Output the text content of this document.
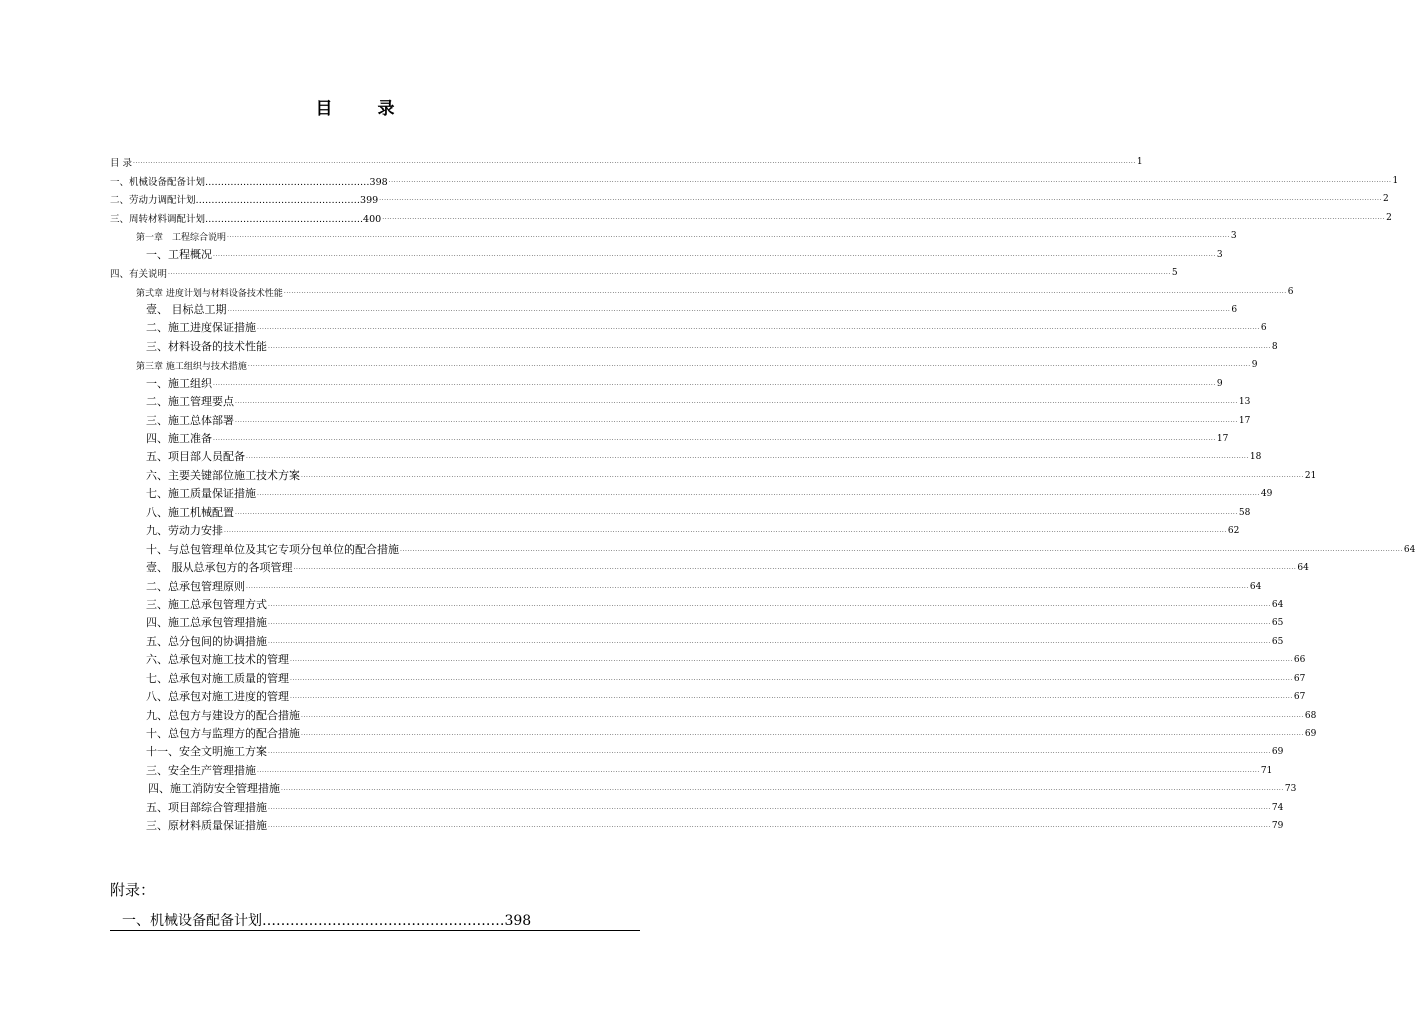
目　录
目 录 ................................................................................................................................................................................................................................................................................................................................................................................................................ 1
一、机械设备配备计划………………………………….…………398 ................................................................................................................................................................................................................................................................................................................................................................................................................ 1
二、劳动力调配计划……………………………….……………399 ................................................................................................................................................................................................................................................................................................................................................................................................................ 2
三、周转材料调配计划……………………………….………….400 ................................................................................................................................................................................................................................................................................................................................................................................................................ 2
第一章　工程综合说明 ................................................................................................................................................................................................................................................................................................................................................................................................................ 3
一、工程概况 ................................................................................................................................................................................................................................................................................................................................................................................................................ 3
四、有关说明 ................................................................................................................................................................................................................................................................................................................................................................................................................ 5
第弍章 进度计划与材料设备技术性能 ................................................................................................................................................................................................................................................................................................................................................................................................................ 6
壹、 目标总工期 ................................................................................................................................................................................................................................................................................................................................................................................................................ 6
二、施工进度保证措施 ................................................................................................................................................................................................................................................................................................................................................................................................................ 6
三、材料设备的技术性能 ................................................................................................................................................................................................................................................................................................................................................................................................................ 8
第三章 施工组织与技术措施 ................................................................................................................................................................................................................................................................................................................................................................................................................ 9
一、施工组织 ................................................................................................................................................................................................................................................................................................................................................................................................................ 9
二、施工管理要点 ................................................................................................................................................................................................................................................................................................................................................................................................................ 13
三、施工总体部署 ................................................................................................................................................................................................................................................................................................................................................................................................................ 17
四、施工准备 ................................................................................................................................................................................................................................................................................................................................................................................................................ 17
五、项目部人员配备 ................................................................................................................................................................................................................................................................................................................................................................................................................ 18
六、主要关键部位施工技术方案 ................................................................................................................................................................................................................................................................................................................................................................................................................ 21
七、施工质量保证措施 ................................................................................................................................................................................................................................................................................................................................................................................................................ 49
八、施工机械配置 ................................................................................................................................................................................................................................................................................................................................................................................................................ 58
九、劳动力安排 ................................................................................................................................................................................................................................................................................................................................................................................................................ 62
十、与总包管理单位及其它专项分包单位的配合措施 ................................................................................................................................................................................................................................................................................................................................................................................................................ 64
壹、 服从总承包方的各项管理 ................................................................................................................................................................................................................................................................................................................................................................................................................ 64
二、总承包管理原则 ................................................................................................................................................................................................................................................................................................................................................................................................................ 64
三、施工总承包管理方式 ................................................................................................................................................................................................................................................................................................................................................................................................................ 64
四、施工总承包管理措施 ................................................................................................................................................................................................................................................................................................................................................................................................................ 65
五、总分包间的协调措施 ................................................................................................................................................................................................................................................................................................................................................................................................................ 65
六、总承包对施工技术的管理 ................................................................................................................................................................................................................................................................................................................................................................................................................ 66
七、总承包对施工质量的管理 ................................................................................................................................................................................................................................................................................................................................................................................................................ 67
八、总承包对施工进度的管理 ................................................................................................................................................................................................................................................................................................................................................................................................................ 67
九、总包方与建设方的配合措施 ................................................................................................................................................................................................................................................................................................................................................................................................................ 68
十、总包方与监理方的配合措施 ................................................................................................................................................................................................................................................................................................................................................................................................................ 69
十一、安全文明施工方案 ................................................................................................................................................................................................................................................................................................................................................................................................................ 69
三、安全生产管理措施 ................................................................................................................................................................................................................................................................................................................................................................................................................ 71
四、施工消防安全管理措施 ................................................................................................................................................................................................................................................................................................................................................................................................................ 73
五、项目部综合管理措施 ................................................................................................................................................................................................................................................................................................................................................................................................................ 74
三、原材料质量保证措施 ................................................................................................................................................................................................................................................................................................................................................................................................................ 79
附录：
一、机械设备配备计划………………………………….…………398
